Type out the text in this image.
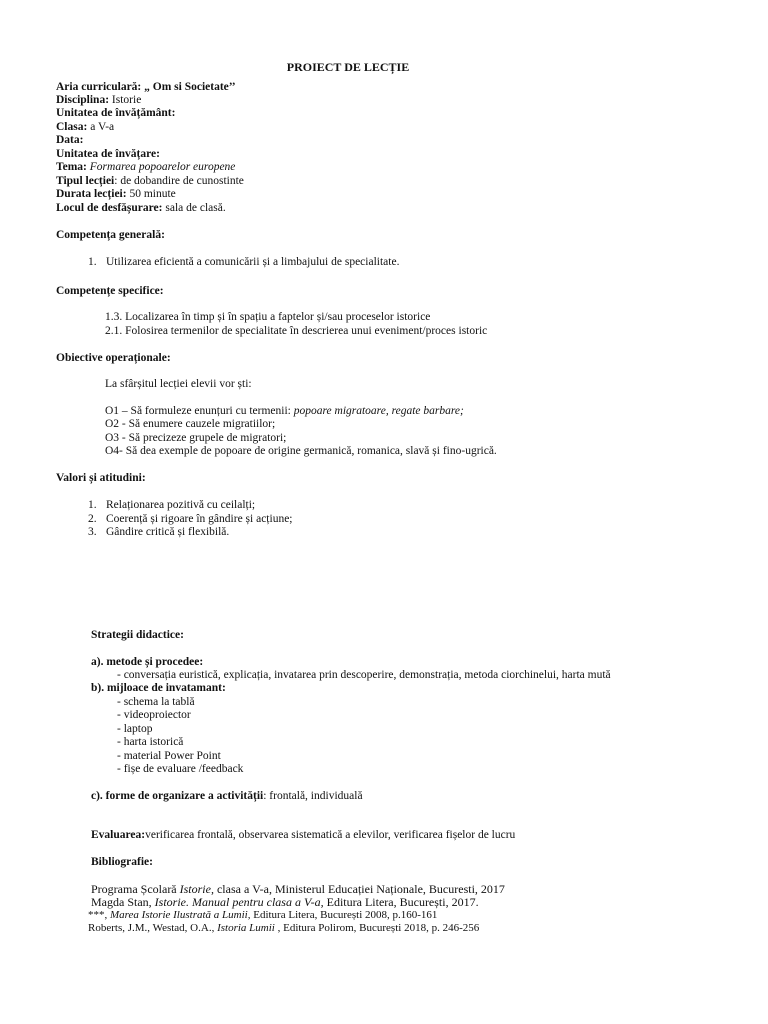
PROIECT DE LECȚIE
Aria curriculară: „ Om si Societate’’
Disciplina: Istorie
Unitatea de învățământ:
Clasa: a V-a
Data:
Unitatea de învățare:
Tema: Formarea popoarelor europene
Tipul lecției: de dobandire de cunostinte
Durata lecției: 50 minute
Locul de desfășurare: sala de clasă.
Competența generală:
1. Utilizarea eficientă a comunicării și a limbajului de specialitate.
Competențe specifice:
1.3. Localizarea în timp și în spațiu a faptelor și/sau proceselor istorice
2.1. Folosirea termenilor de specialitate în descrierea unui eveniment/proces istoric
Obiective operaționale:
La sfârșitul lecției elevii vor ști:
O1 – Să formuleze enunțuri cu termenii: popoare migratoare, regate barbare;
O2 - Să enumere cauzele migratiilor;
O3 - Să precizeze grupele de migratori;
O4- Să dea exemple de popoare de origine germanică, romanica, slavă și fino-ugrică.
Valori și atitudini:
1. Relaționarea pozitivă cu ceilalți;
2. Coerență și rigoare în gândire și acțiune;
3. Gândire critică și flexibilă.
Strategii didactice:
a). metode și procedee:
- conversația euristică, explicația, invatarea prin descoperire, demonstrația, metoda ciorchinelui, harta mută
b). mijloace de invatamant:
- schema la tablă
- videoproiector
- laptop
- harta istorică
- material Power Point
- fișe de evaluare /feedback
c). forme de organizare a activității: frontală, individuală
Evaluarea:verificarea frontală, observarea sistematică a elevilor, verificarea fișelor de lucru
Bibliografie:
Programa Școlară Istorie, clasa a V-a, Ministerul Educației Naționale, Bucuresti, 2017
Magda Stan, Istorie. Manual pentru clasa a V-a, Editura Litera, București, 2017.
***, Marea Istorie Ilustrată a Lumii, Editura Litera, București 2008, p.160-161
Roberts, J.M., Westad, O.A., Istoria Lumii , Editura Polirom, București 2018, p. 246-256
